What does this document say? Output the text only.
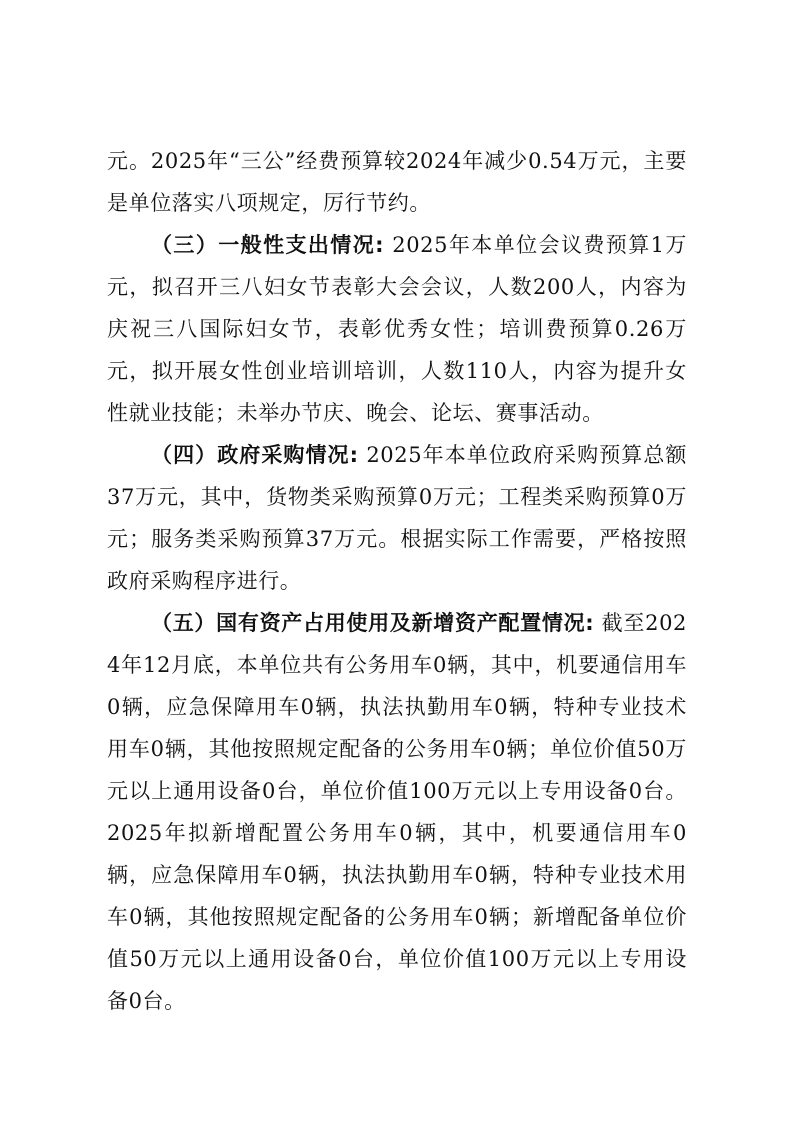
元。2025年“三公”经费预算较2024年减少0.54万元，主要是单位落实八项规定，厉行节约。

（三）一般性支出情况: 2025年本单位会议费预算1万元，拟召开三八妇女节表彰大会会议，人数200人，内容为庆祝三八国际妇女节，表彰优秀女性；培训费预算0.26万元，拟开展女性创业培训培训，人数110人，内容为提升女性就业技能；未举办节庆、晚会、论坛、赛事活动。

（四）政府采购情况: 2025年本单位政府采购预算总额37万元，其中，货物类采购预算0万元；工程类采购预算0万元；服务类采购预算37万元。根据实际工作需要，严格按照政府采购程序进行。

（五）国有资产占用使用及新增资产配置情况: 截至2024年12月底，本单位共有公务用车0辆，其中，机要通信用车0辆，应急保障用车0辆，执法执勤用车0辆，特种专业技术用车0辆，其他按照规定配备的公务用车0辆；单位价值50万元以上通用设备0台，单位价值100万元以上专用设备0台。2025年拟新增配置公务用车0辆，其中，机要通信用车0辆，应急保障用车0辆，执法执勤用车0辆，特种专业技术用车0辆，其他按照规定配备的公务用车0辆；新增配备单位价值50万元以上通用设备0台，单位价值100万元以上专用设备0台。
